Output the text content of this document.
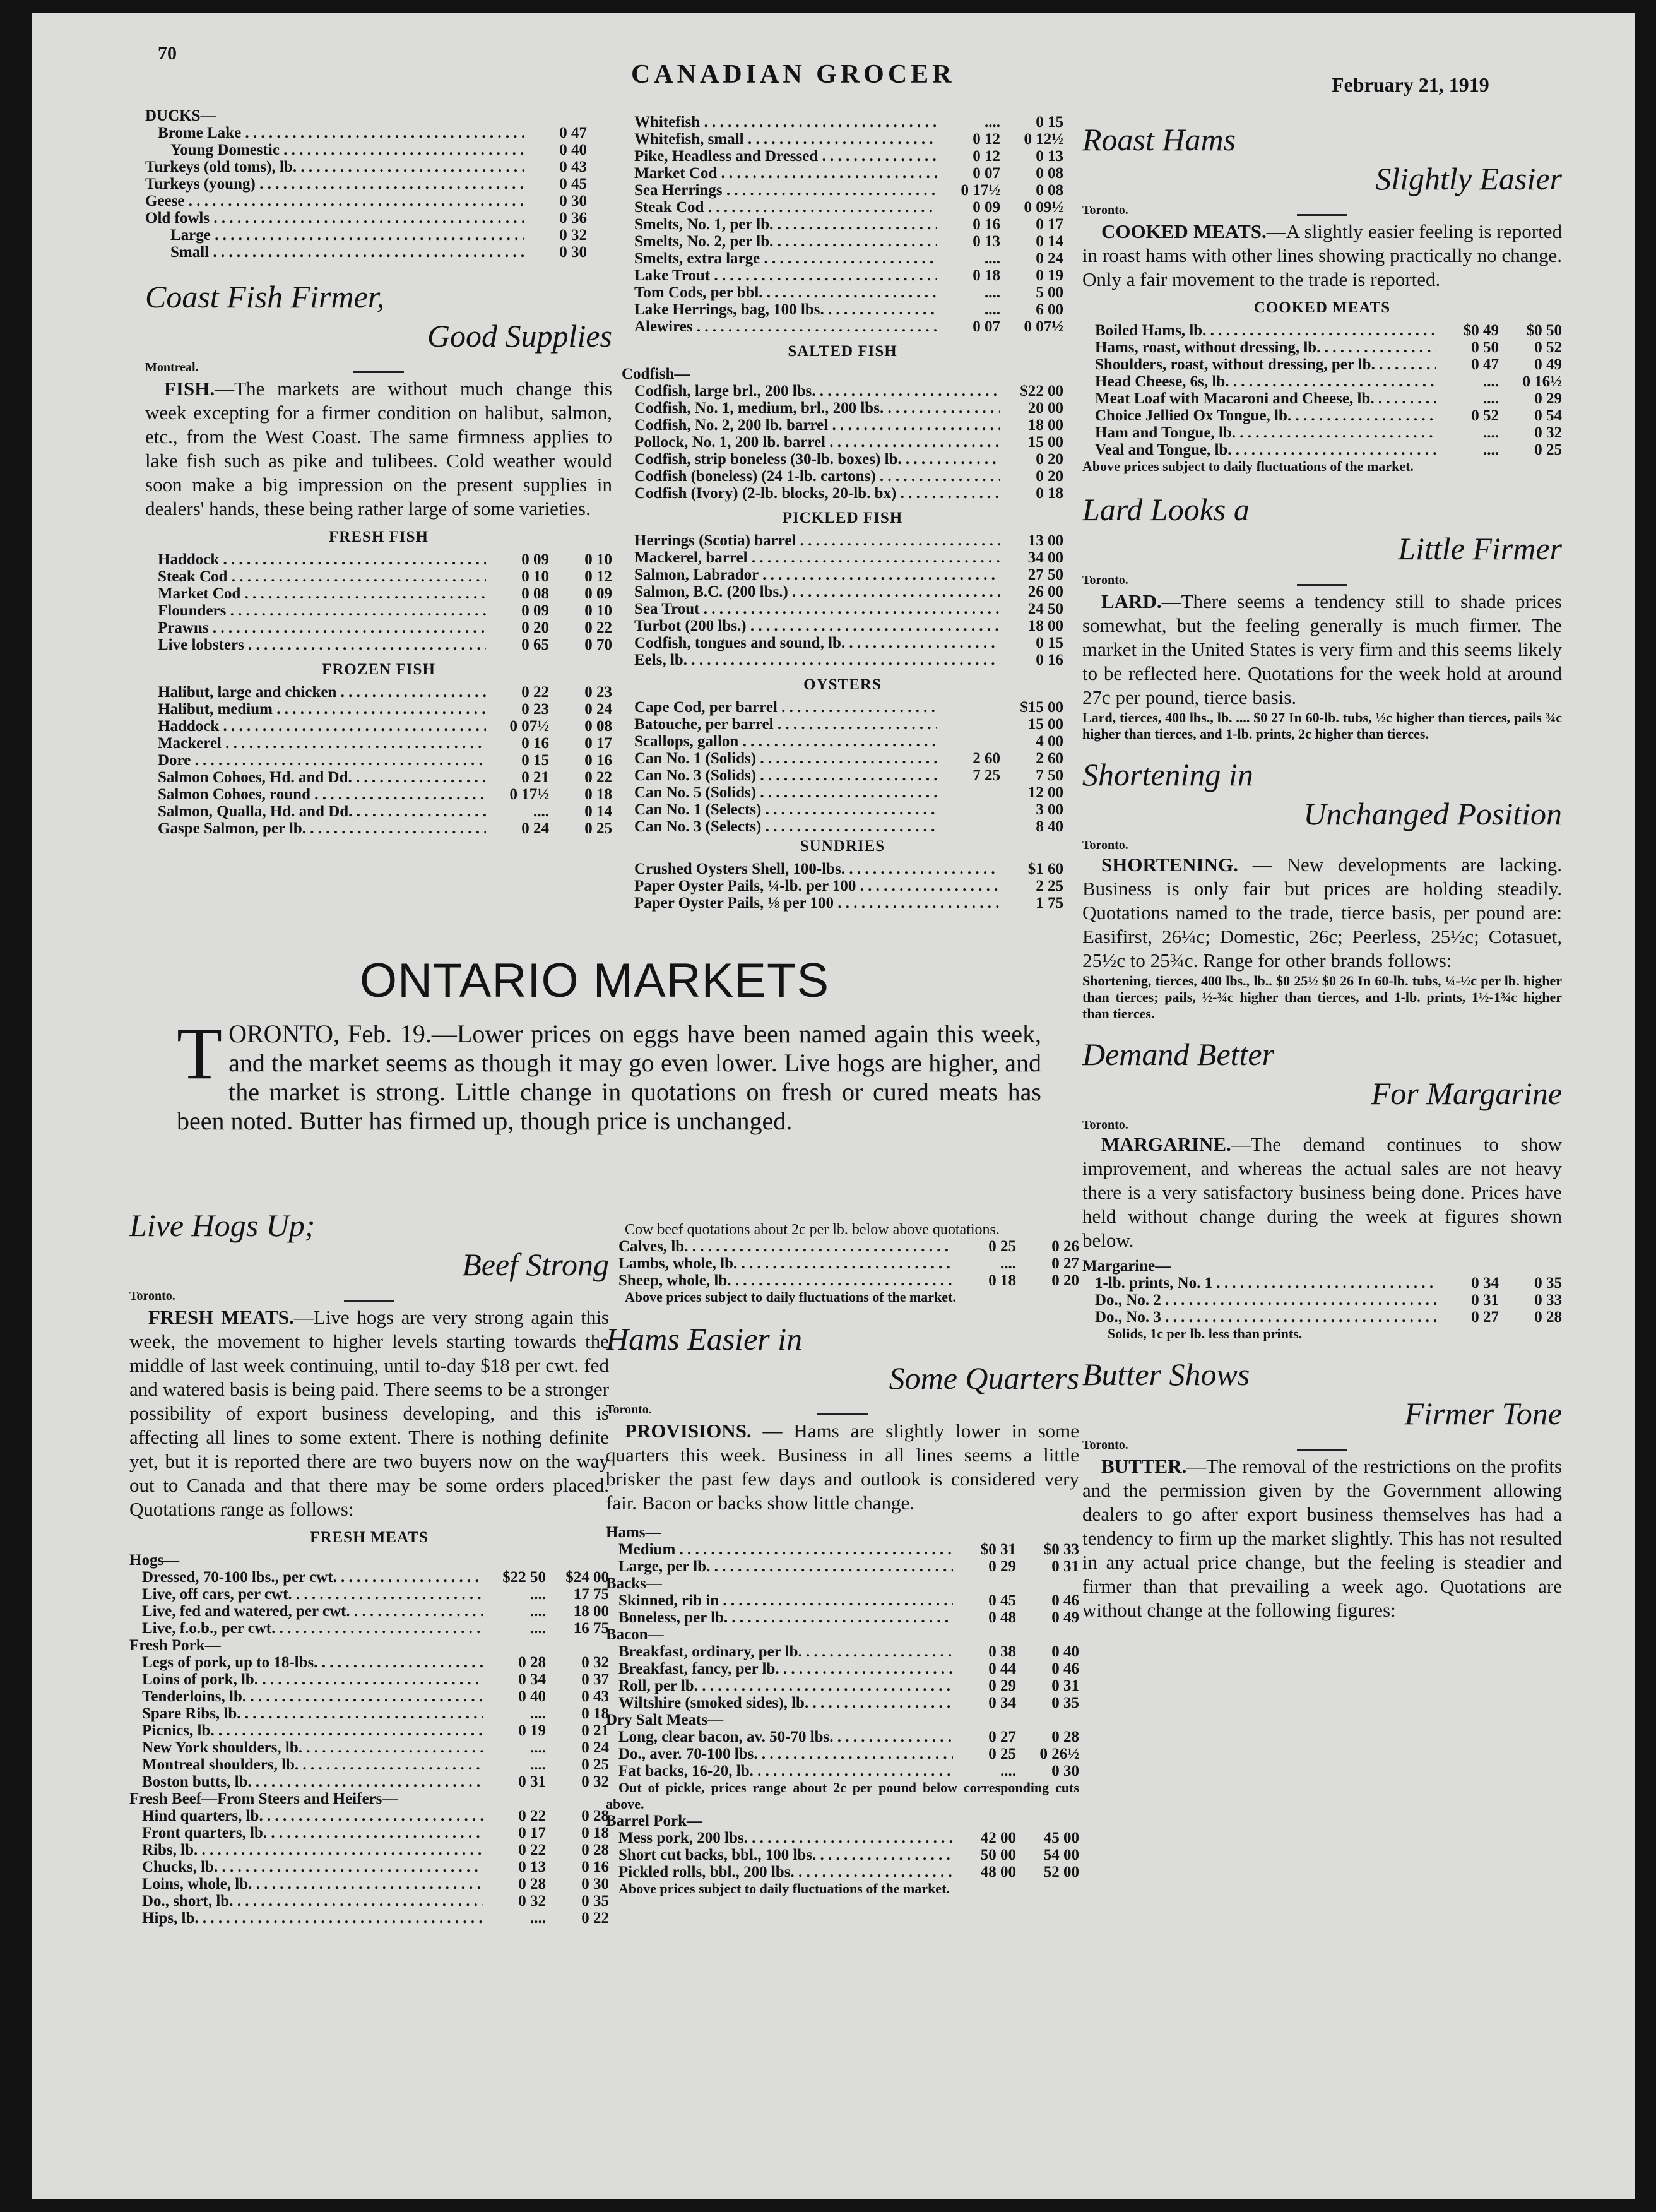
70
CANADIAN GROCER	February 21, 1919
DUCKS—
Brome Lake . . .	0 47
Young Domestic . . .	0 40
Turkeys (old toms), lb. . . .	0 43
Turkeys (young) . . .	0 45
Geese . . .	0 30
Old fowls . . .	0 36
Large . . .	0 32
Small . . .	0 30
Coast Fish Firmer,
Good Supplies
Montreal.
FISH.—The markets are without much change this week excepting for a firmer condition on halibut, salmon, etc., from the West Coast. The same firmness applies to lake fish such as pike and tulibees. Cold weather would soon make a big impression on the present supplies in dealers' hands, these being rather large of some varieties.
FRESH FISH
Haddock . . .	0 09	0 10
Steak Cod . . .	0 10	0 12
Market Cod . . .	0 08	0 09
Flounders . . .	0 09	0 10
Prawns . . .	0 20	0 22
Live lobsters . . .	0 65	0 70
FROZEN FISH
Halibut, large and chicken . . .	0 22	0 23
Halibut, medium . . .	0 23	0 24
Haddock . . .	0 07½	0 08
Mackerel . . .	0 16	0 17
Dore . . .	0 15	0 16
Salmon Cohoes, Hd. and Dd. . . .	0 21	0 22
Salmon Cohoes, round . . .	0 17½	0 18
Salmon, Qualla, Hd. and Dd. . . .	....	0 14
Gaspe Salmon, per lb. . . .	0 24	0 25
Whitefish . . .	....	0 15
Whitefish, small . . .	0 12	0 12½
Pike, Headless and Dressed . . .	0 12	0 13
Market Cod . . .	0 07	0 08
Sea Herrings . . .	0 17½	0 08
Steak Cod . . .	0 09	0 09½
Smelts, No. 1, per lb. . . .	0 16	0 17
Smelts, No. 2, per lb. . . .	0 13	0 14
Smelts, extra large . . .	....	0 24
Lake Trout . . .	0 18	0 19
Tom Cods, per bbl. . . .	....	5 00
Lake Herrings, bag, 100 lbs. . . .	....	6 00
Alewires . . .	0 07	0 07½
SALTED FISH
Codfish—
Codfish, large brl., 200 lbs. . . .	$22 00
Codfish, No. 1, medium, brl., 200 lbs. . . .	20 00
Codfish, No. 2, 200 lb. barrel . . .	18 00
Pollock, No. 1, 200 lb. barrel . . .	15 00
Codfish, strip boneless (30-lb. boxes) lb. . . .	0 20
Codfish (boneless) (24 1-lb. cartons) . . .	0 20
Codfish (Ivory) (2-lb. blocks, 20-lb. bx) . . .	0 18
PICKLED FISH
Herrings (Scotia) barrel . . .	13 00
Mackerel, barrel . . .	34 00
Salmon, Labrador . . .	27 50
Salmon, B.C. (200 lbs.) . . .	26 00
Sea Trout . . .	24 50
Turbot (200 lbs.) . . .	18 00
Codfish, tongues and sound, lb. . . .	0 15
Eels, lb. . . .	0 16
OYSTERS
Cape Cod, per barrel . . .	$15 00
Batouche, per barrel . . .	15 00
Scallops, gallon . . .	4 00
Can No. 1 (Solids) . . .	2 60	2 60
Can No. 3 (Solids) . . .	7 25	7 50
Can No. 5 (Solids) . . .	12 00
Can No. 1 (Selects) . . .	3 00
Can No. 3 (Selects) . . .	8 40
SUNDRIES
Crushed Oysters Shell, 100-lbs. . . .	$1 60
Paper Oyster Pails, ¼-lb. per 100 . . .	2 25
Paper Oyster Pails, ⅛ per 100 . . .	1 75
Roast Hams
Slightly Easier
Toronto.
COOKED MEATS.—A slightly easier feeling is reported in roast hams with other lines showing practically no change. Only a fair movement to the trade is reported.
COOKED MEATS
Boiled Hams, lb. . . .	$0 49	$0 50
Hams, roast, without dressing, lb. . . .	0 50	0 52
Shoulders, roast, without dressing, per lb. . . .	0 47	0 49
Head Cheese, 6s, lb. . . .	....	0 16½
Meat Loaf with Macaroni and Cheese, lb. . . .	....	0 29
Choice Jellied Ox Tongue, lb. . . .	0 52	0 54
Ham and Tongue, lb. . . .	....	0 32
Veal and Tongue, lb. . . .	....	0 25
Above prices subject to daily fluctuations of the market.
Lard Looks a
Little Firmer
Toronto.
LARD.—There seems a tendency still to shade prices somewhat, but the feeling generally is much firmer. The market in the United States is very firm and this seems likely to be reflected here. Quotations for the week hold at around 27c per pound, tierce basis.
Lard, tierces, 400 lbs., lb. .... $0 27 In 60-lb. tubs, ½c higher than tierces, pails ¾c higher than tierces, and 1-lb. prints, 2c higher than tierces.
Shortening in
Unchanged Position
Toronto.
SHORTENING. — New developments are lacking. Business is only fair but prices are holding steadily. Quotations named to the trade, tierce basis, per pound are: Easifirst, 26¼c; Domestic, 26c; Peerless, 25½c; Cotasuet, 25½c to 25¾c. Range for other brands follows:
Shortening, tierces, 400 lbs., lb.. $0 25½ $0 26 In 60-lb. tubs, ¼-½c per lb. higher than tierces; pails, ½-¾c higher than tierces, and 1-lb. prints, 1½-1¾c higher than tierces.
Demand Better
For Margarine
Toronto.
MARGARINE.—The demand continues to show improvement, and whereas the actual sales are not heavy there is a very satisfactory business being done. Prices have held without change during the week at figures shown below.
Margarine—
1-lb. prints, No. 1 . . .	0 34	0 35
Do., No. 2 . . .	0 31	0 33
Do., No. 3 . . .	0 27	0 28
Solids, 1c per lb. less than prints.
Butter Shows
Firmer Tone
Toronto.
BUTTER.—The removal of the restrictions on the profits and the permission given by the Government allowing dealers to go after export business themselves has had a tendency to firm up the market slightly. This has not resulted in any actual price change, but the feeling is steadier and firmer than that prevailing a week ago. Quotations are without change at the following figures:
ONTARIO MARKETS
TORONTO, Feb. 19.—Lower prices on eggs have been named again this week, and the market seems as though it may go even lower. Live hogs are higher, and the market is strong. Little change in quotations on fresh or cured meats has been noted. Butter has firmed up, though price is unchanged.
Live Hogs Up;
Beef Strong
Toronto.
FRESH MEATS.—Live hogs are very strong again this week, the movement to higher levels starting towards the middle of last week continuing, until to-day $18 per cwt. fed and watered basis is being paid. There seems to be a stronger possibility of export business developing, and this is affecting all lines to some extent. There is nothing definite yet, but it is reported there are two buyers now on the way out to Canada and that there may be some orders placed. Quotations range as follows:
FRESH MEATS
Hogs—
Dressed, 70-100 lbs., per cwt. . . .	$22 50	$24 00
Live, off cars, per cwt. . . .	....	17 75
Live, fed and watered, per cwt. . . .	....	18 00
Live, f.o.b., per cwt. . . .	....	16 75
Fresh Pork—
Legs of pork, up to 18-lbs. . . .	0 28	0 32
Loins of pork, lb. . . .	0 34	0 37
Tenderloins, lb. . . .	0 40	0 43
Spare Ribs, lb. . . .	....	0 18
Picnics, lb. . . .	0 19	0 21
New York shoulders, lb. . . .	....	0 24
Montreal shoulders, lb. . . .	....	0 25
Boston butts, lb. . . .	0 31	0 32
Fresh Beef—From Steers and Heifers—
Hind quarters, lb. . . .	0 22	0 28
Front quarters, lb. . . .	0 17	0 18
Ribs, lb. . . .	0 22	0 28
Chucks, lb. . . .	0 13	0 16
Loins, whole, lb. . . .	0 28	0 30
Do., short, lb. . . .	0 32	0 35
Hips, lb. . . .	....	0 22
Cow beef quotations about 2c per lb. below above quotations.
Calves, lb. . . .	0 25	0 26
Lambs, whole, lb. . . .	....	0 27
Sheep, whole, lb. . . .	0 18	0 20
Above prices subject to daily fluctuations of the market.
Hams Easier in
Some Quarters
Toronto.
PROVISIONS. — Hams are slightly lower in some quarters this week. Business in all lines seems a little brisker the past few days and outlook is considered very fair. Bacon or backs show little change.
Hams—
Medium . . .	$0 31	$0 33
Large, per lb. . . .	0 29	0 31
Backs—
Skinned, rib in . . .	0 45	0 46
Boneless, per lb. . . .	0 48	0 49
Bacon—
Breakfast, ordinary, per lb. . . .	0 38	0 40
Breakfast, fancy, per lb. . . .	0 44	0 46
Roll, per lb. . . .	0 29	0 31
Wiltshire (smoked sides), lb. . . .	0 34	0 35
Dry Salt Meats—
Long, clear bacon, av. 50-70 lbs. . . .	0 27	0 28
Do., aver. 70-100 lbs. . . .	0 25	0 26½
Fat backs, 16-20, lb. . . .	....	0 30
Out of pickle, prices range about 2c per pound below corresponding cuts above.
Barrel Pork—
Mess pork, 200 lbs. . . .	42 00	45 00
Short cut backs, bbl., 100 lbs. . . .	50 00	54 00
Pickled rolls, bbl., 200 lbs. . . .	48 00	52 00
Above prices subject to daily fluctuations of the market.
